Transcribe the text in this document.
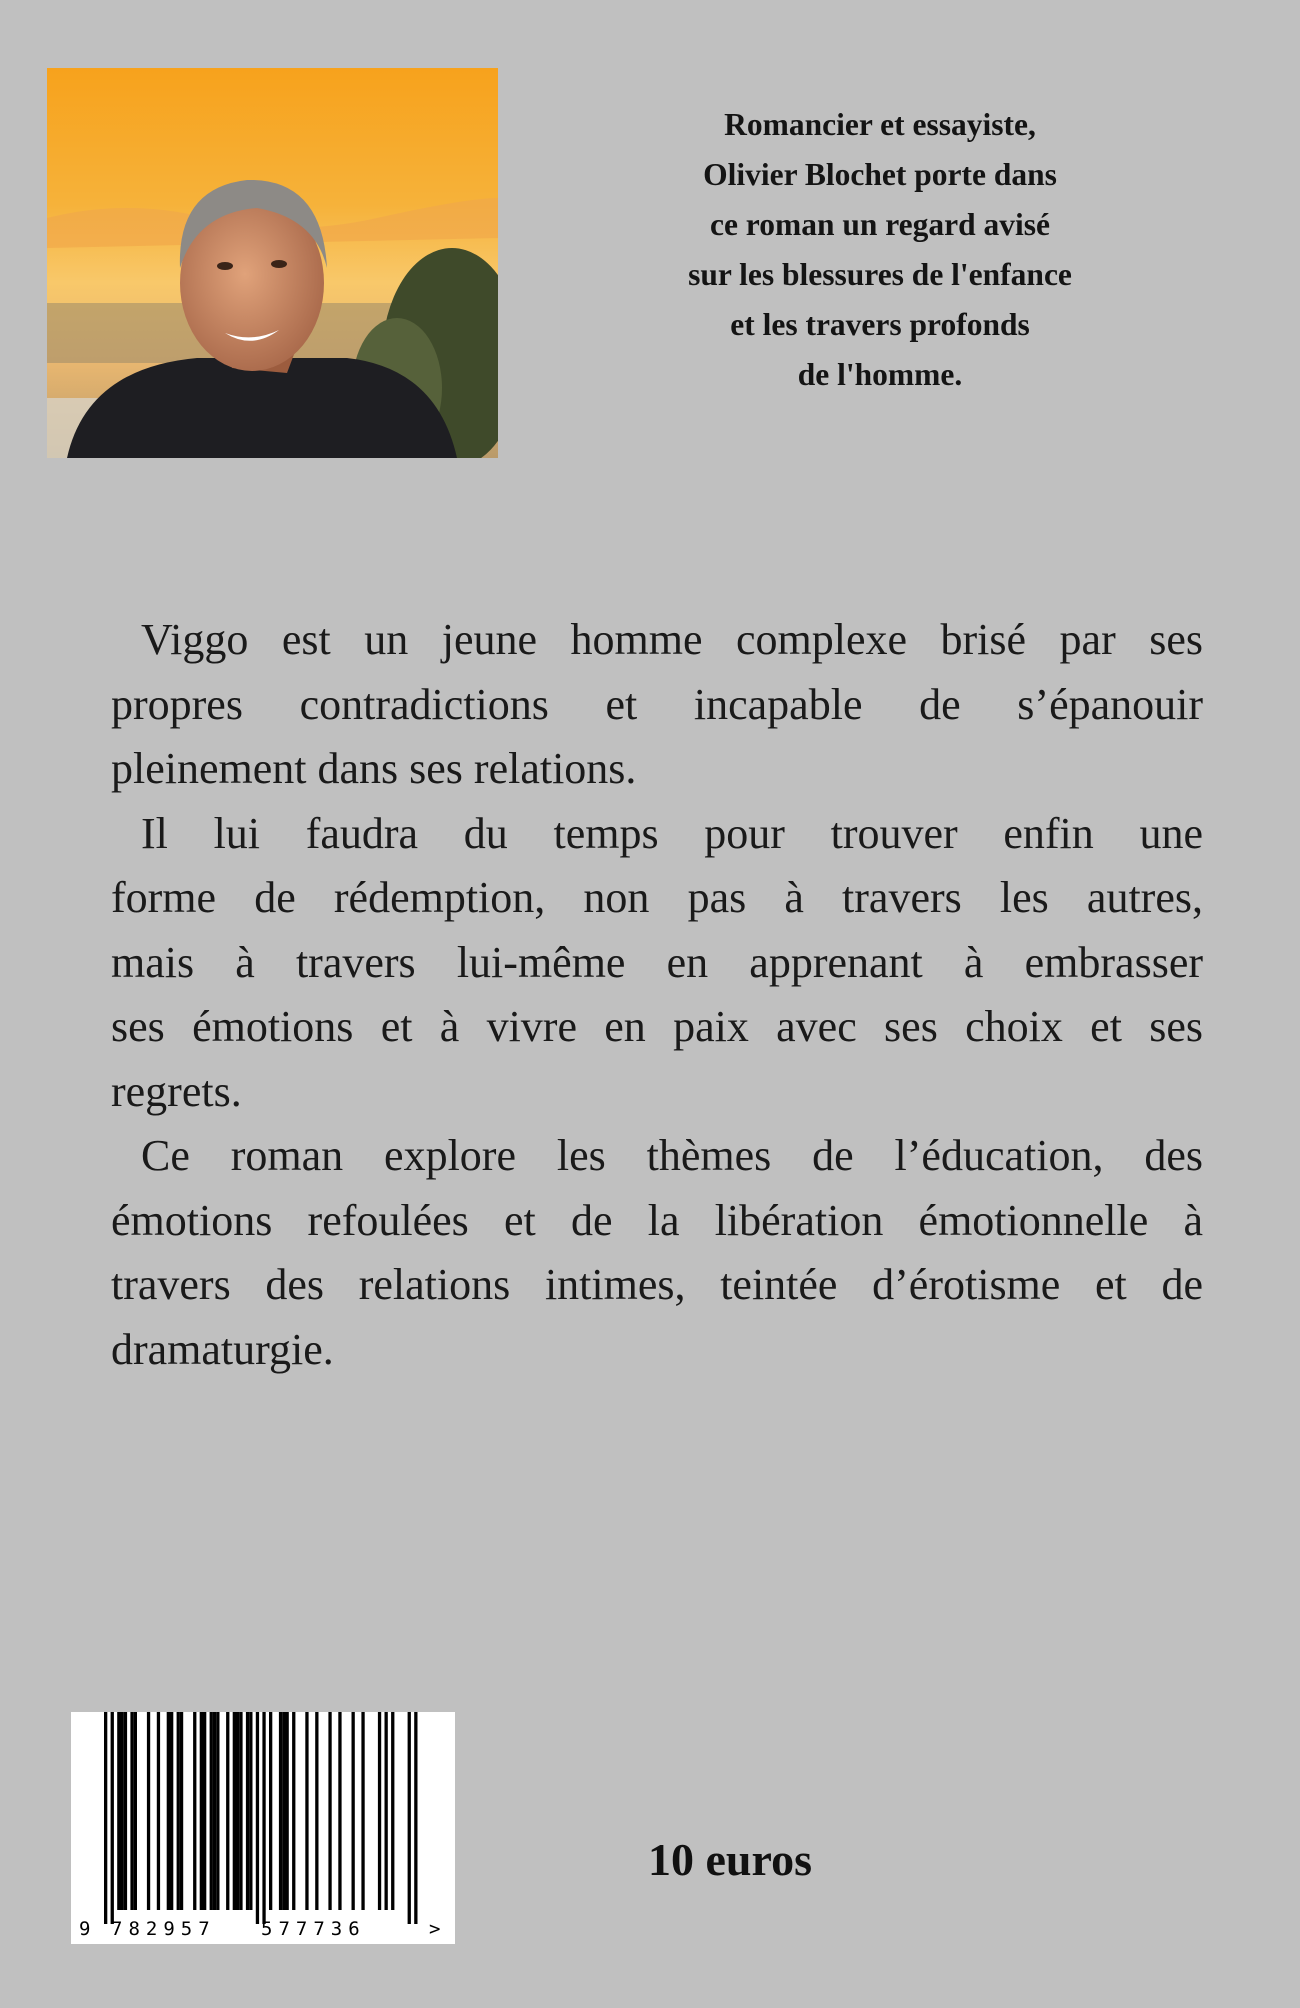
Romancier et essayiste,
Olivier Blochet porte dans
ce roman un regard avisé
sur les blessures de l'enfance
et les travers profonds
de l'homme.

Viggo est un jeune homme complexe brisé par ses
propres contradictions et incapable de s’épanouir
pleinement dans ses relations.

Il lui faudra du temps pour trouver enfin une
forme de rédemption, non pas à travers les autres,
mais à travers lui-même en apprenant à embrasser
ses émotions et à vivre en paix avec ses choix et ses
regrets.

Ce roman explore les thèmes de l’éducation, des
émotions refoulées et de la libération émotionnelle à
travers des relations intimes, teintée d’érotisme et de
dramaturgie.

9 782957 577736	>
10 euros
